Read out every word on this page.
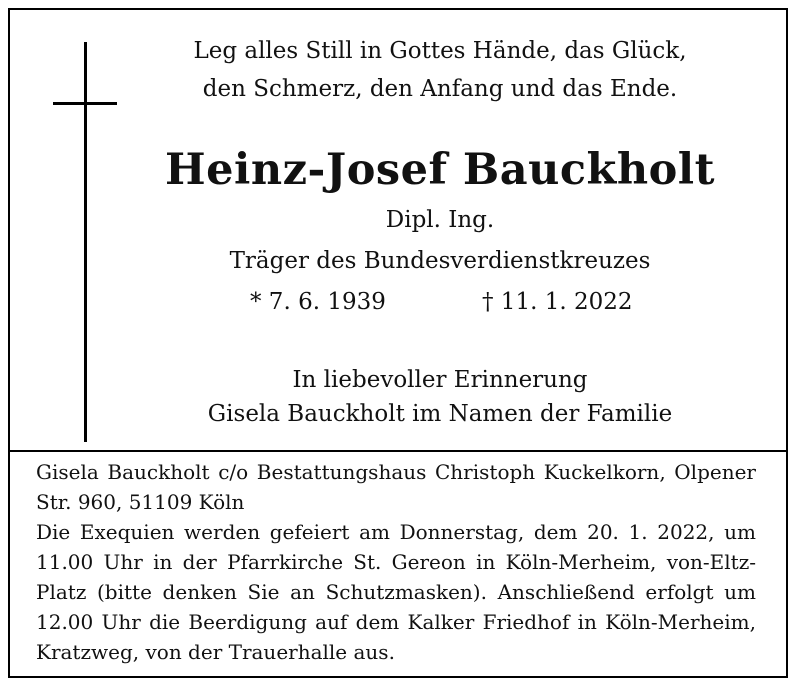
Leg alles Still in Gottes Hände, das Glück,
den Schmerz, den Anfang und das Ende.
Heinz-Josef Bauckholt
Dipl. Ing.
Träger des Bundesverdienstkreuzes
* 7. 6. 1939	† 11. 1. 2022
In liebevoller Erinnerung
Gisela Bauckholt im Namen der Familie

Gisela Bauckholt c/o Bestattungshaus Christoph Kuckelkorn, Olpener Str. 960, 51109 Köln

Die Exequien werden gefeiert am Donnerstag, dem 20. 1. 2022, um 11.00 Uhr in der Pfarrkirche St. Gereon in Köln-Merheim, von-Eltz-Platz (bitte denken Sie an Schutzmasken). Anschließend erfolgt um 12.00 Uhr die Beerdigung auf dem Kalker Friedhof in Köln-Merheim, Kratzweg, von der Trauerhalle aus.
